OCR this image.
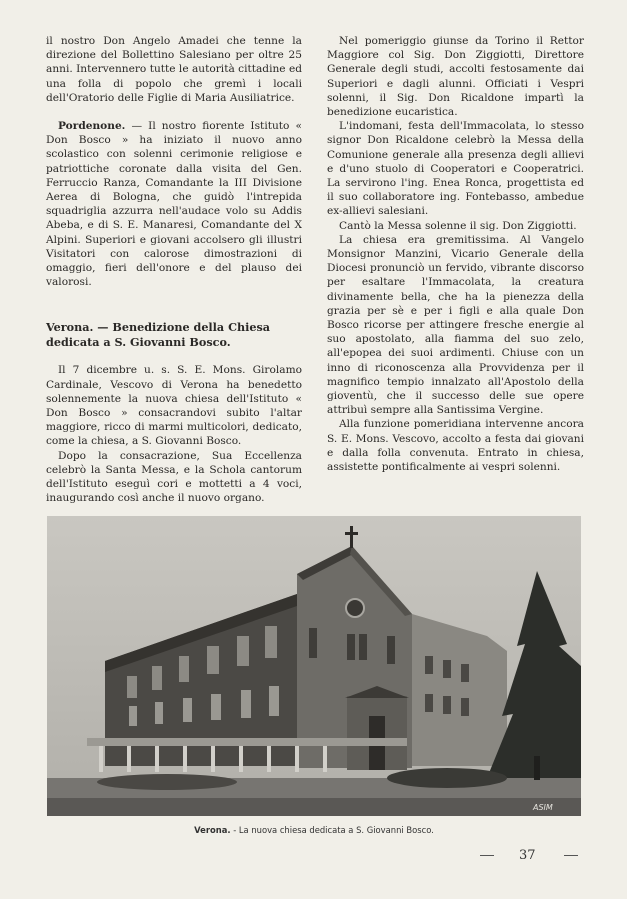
il nostro Don Angelo Amadei che tenne la direzione del Bollettino Salesiano per oltre 25 anni. Intervennero tutte le autorità cittadine ed una folla di popolo che gremì i locali dell'Oratorio delle Figlie di Maria Ausiliatrice.

Pordenone. — Il nostro fiorente Istituto « Don Bosco » ha iniziato il nuovo anno scolastico con solenni cerimonie religiose e patriottiche coronate dalla visita del Gen. Ferruccio Ranza, Comandante la III Divisione Aerea di Bologna, che guidò l'intrepida squadriglia azzurra nell'audace volo su Addis Abeba, e di S. E. Manaresi, Comandante del X Alpini. Superiori e giovani accolsero gli illustri Visitatori con calorose dimostrazioni di omaggio, fieri dell'onore e del plauso dei valorosi.

Verona. — Benedizione della Chiesa dedicata a S. Giovanni Bosco.

Il 7 dicembre u. s. S. E. Mons. Girolamo Cardinale, Vescovo di Verona ha benedetto solennemente la nuova chiesa dell'Istituto « Don Bosco » consacrandovi subito l'altar maggiore, ricco di marmi multicolori, dedicato, come la chiesa, a S. Giovanni Bosco.

Dopo la consacrazione, Sua Eccellenza celebrò la Santa Messa, e la Schola cantorum dell'Istituto eseguì cori e mottetti a 4 voci, inaugurando così anche il nuovo organo.

Nel pomeriggio giunse da Torino il Rettor Maggiore col Sig. Don Ziggiotti, Direttore Generale degli studi, accolti festosamente dai Superiori e dagli alunni. Officiati i Vespri solenni, il Sig. Don Ricaldone impartì la benedizione eucaristica.

L'indomani, festa dell'Immacolata, lo stesso signor Don Ricaldone celebrò la Messa della Comunione generale alla presenza degli allievi e d'uno stuolo di Cooperatori e Cooperatrici. La servirono l'ing. Enea Ronca, progettista ed il suo collaboratore ing. Fontebasso, ambedue ex-allievi salesiani.

Cantò la Messa solenne il sig. Don Ziggiotti.

La chiesa era gremitissima. Al Vangelo Monsignor Manzini, Vicario Generale della Diocesi pronunciò un fervido, vibrante discorso per esaltare l'Immacolata, la creatura divinamente bella, che ha la pienezza della grazia per sè e per i figli e alla quale Don Bosco ricorse per attingere fresche energie al suo apostolato, alla fiamma del suo zelo, all'epopea dei suoi ardimenti. Chiuse con un inno di riconoscenza alla Provvidenza per il magnifico tempio innalzato all'Apostolo della gioventù, che il successo delle sue opere attribuì sempre alla Santissima Vergine.

Alla funzione pomeridiana intervenne ancora S. E. Mons. Vescovo, accolto a festa dai giovani e dalla folla convenuta. Entrato in chiesa, assistette pontificalmente ai vespri solenni.

ASIM
Verona. - La nuova chiesa dedicata a S. Giovanni Bosco.
37
